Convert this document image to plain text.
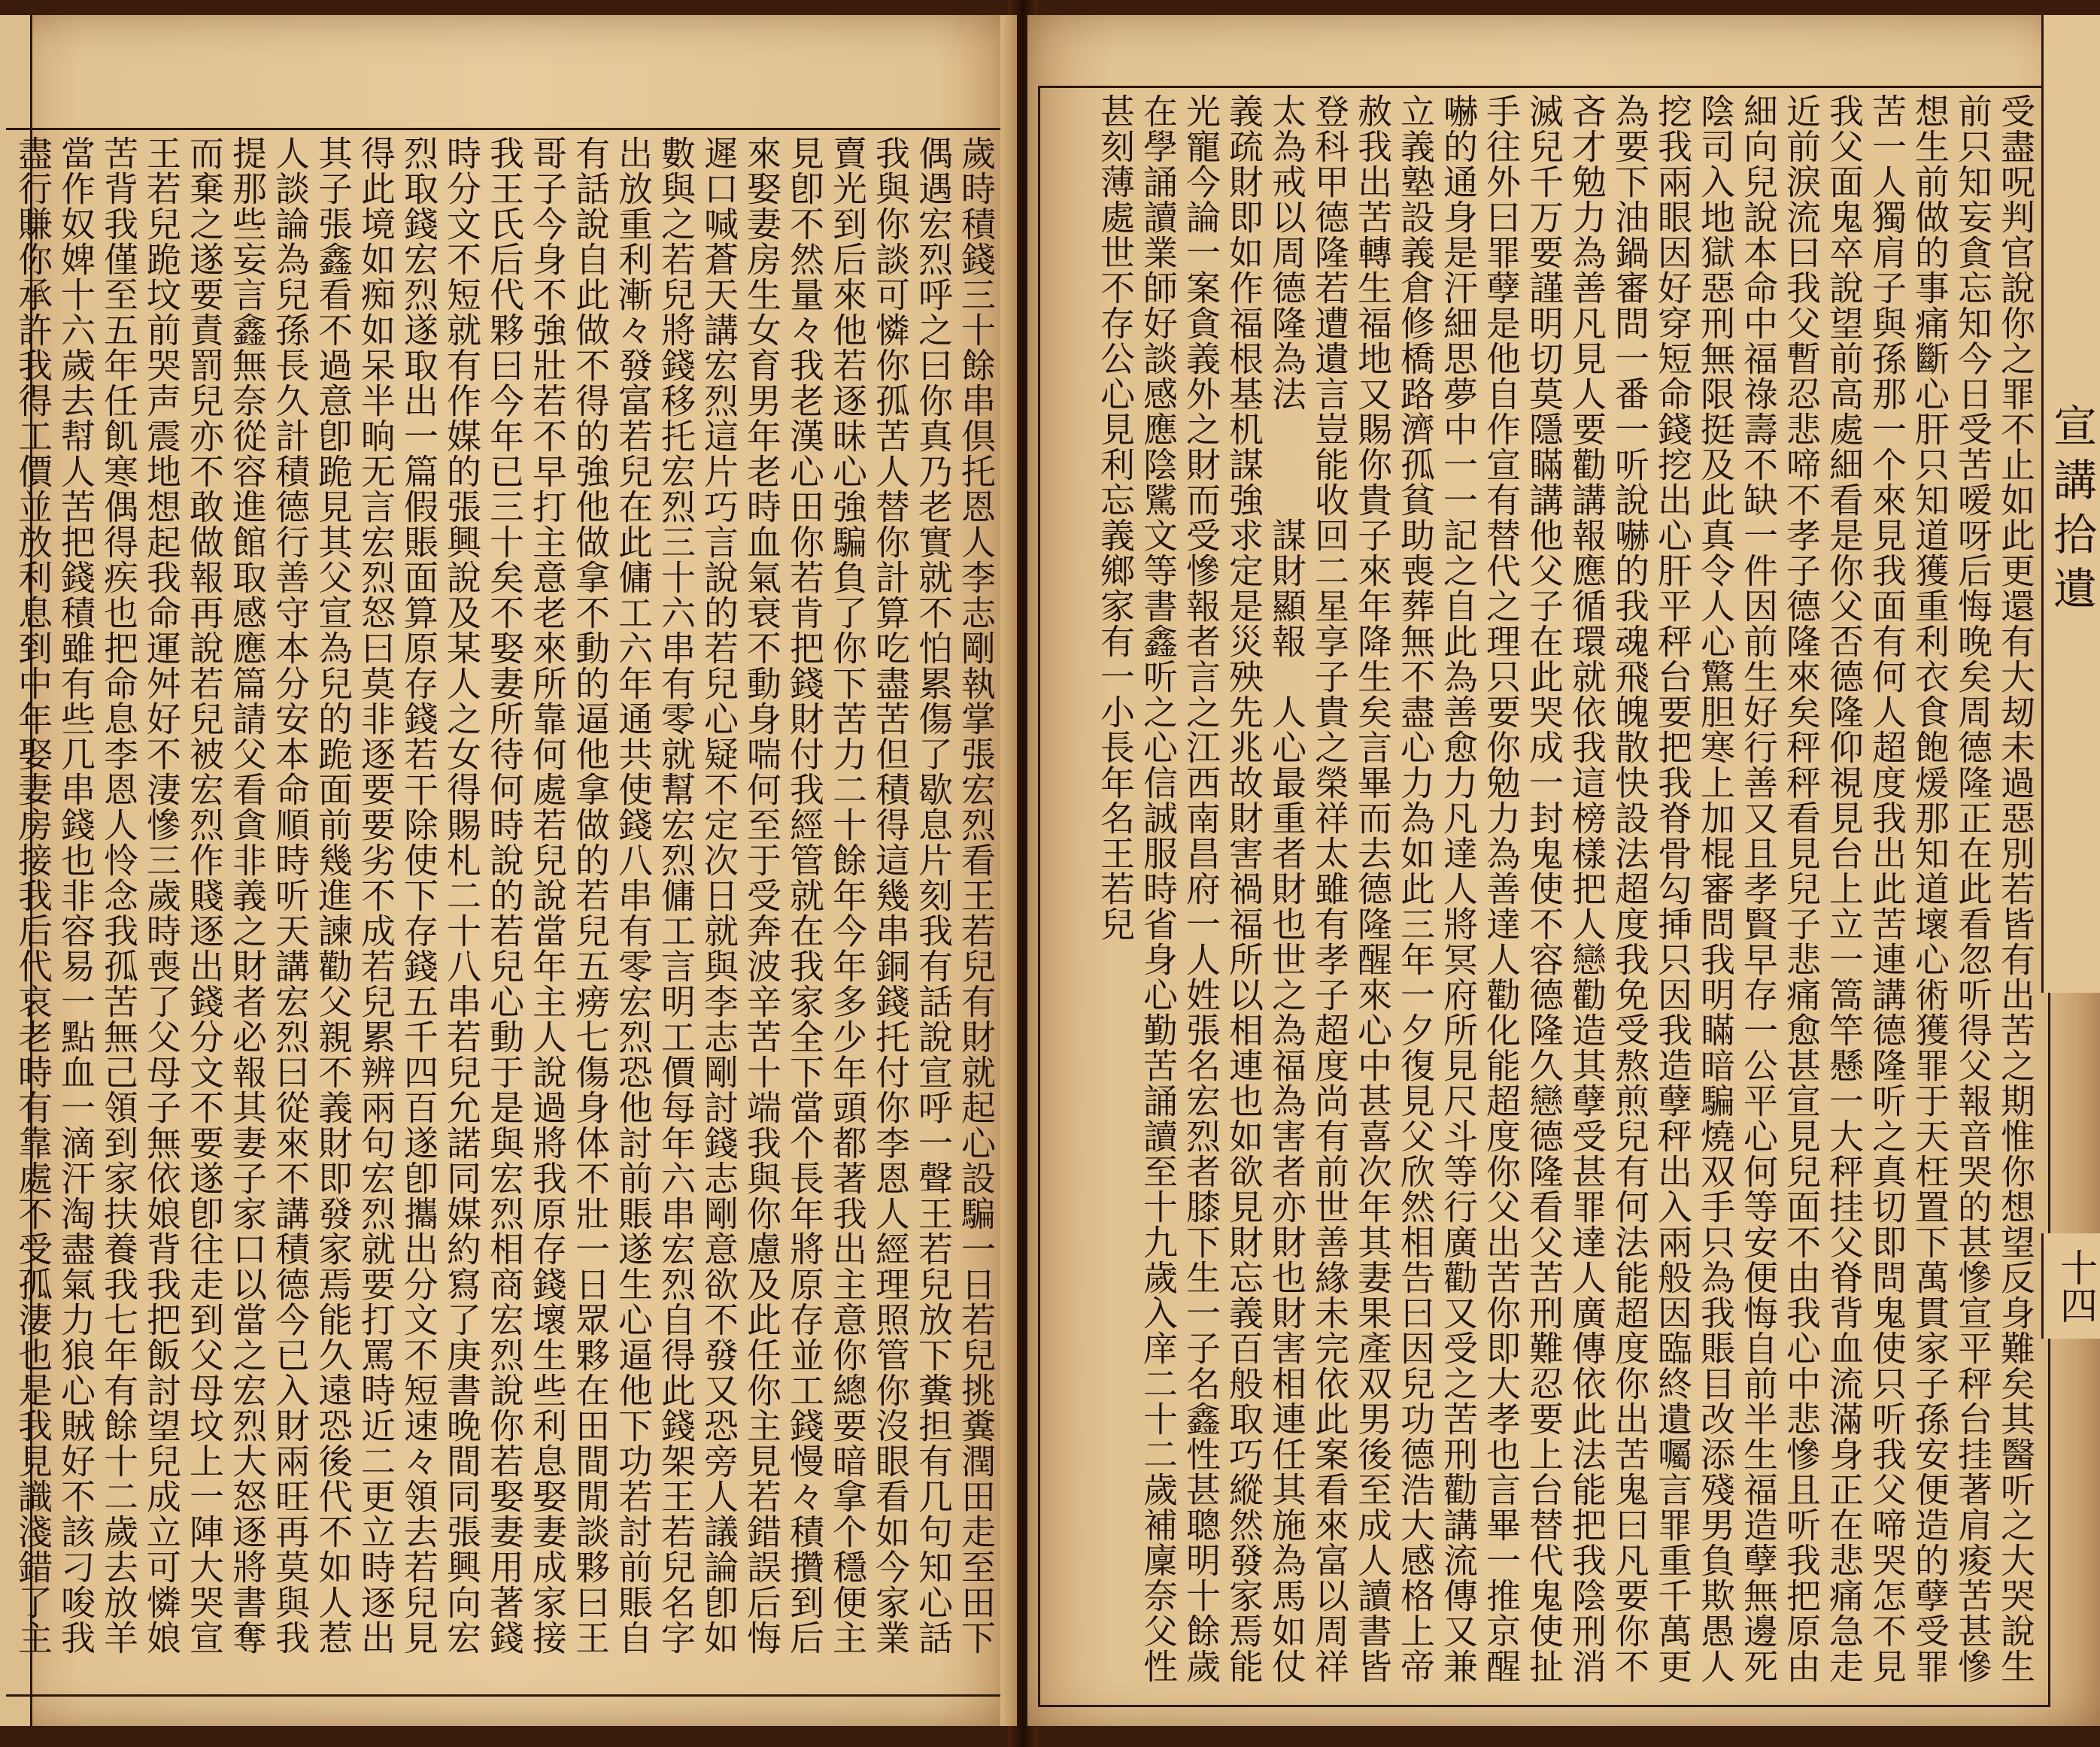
歲時積錢三十餘串倶托恩人李志剛執掌張宏烈看王若兒有財就起心設騙一日若兒挑糞潤田走至田下偶遇宏烈呼之曰你真乃老實就不怕累傷了歇息片刻我有話說宣呼一聲王若兒放下糞担有几句知心話我與你談可憐你孤苦人替你計算吃盡苦但積得這幾串銅錢托付你李恩人經理照管你沒眼看如今家業賣光到后來他若逐昧心強騙負了你下苦力二十餘年今年多少年頭都著我出主意你總要暗拿个穩便主見卽不然量々我老漢心田你若肯把錢財付我經管就在我家全下當个長年將原存並工錢慢々積攢到后來娶妻房生女育男年老時血氣衰不動身喘何至于受奔波辛苦十端我與你慮及此任你主見若錯誤后悔遲口喊蒼天講宏烈這片巧言說的若兒心疑不定次日就與李志剛討錢志剛意欲不發又恐旁人議論卽如數與之若兒將錢移托宏烈三十六串有零就幫宏烈傭工言明工價每年六串宏烈自得此錢架王若兒名字出放重利漸々發富若兒在此傭工六年通共使錢八串有零宏烈恐他討前賬遂生心逼他下功若討前賬自有話說自此做不得的強他做拿不動的逼他拿做的若兒五痨七傷身体不壯一日眾夥在田間閒談夥曰王哥子今身不強壯若不早打主意老來所靠何處若兒說當年主人說過將我原存錢壞生些利息娶妻成家接我王氏后代夥曰今年已三十矣不娶妻所待何時說的若兒心動于是與宏烈相商宏烈說你若娶妻用著錢時分文不短就有作媒的張興說及某人之女得賜札二十八串若兒允諾同媒約寫了庚書晚間同張興向宏烈取錢宏烈遂取出一篇假賬面算原存錢若干除使下存錢五千四百遂卽攜出分文不短速々領去若兒見得此境如痴如呆半晌无言宏烈怒曰莫非逐要要劣不成若兒累辨兩句宏烈就要打罵時近二更立時逐出其子張鑫看不過意卽跪見其父宣為兒的跪面前幾進諫勸父親不義財即發家焉能久遠恐後代不如人惹人談論為兒孫長久計積德行善守本分安本命順時听天講宏烈曰從來不講積德今已入財兩旺再莫與我提那些妄言鑫無奈從容進館取感應篇請父看貪非義之財者必報其妻子家口以當之宏烈大怒逐將書奪而棄之遂要責罰兒亦不敢做報再說若兒被宏烈作賤逐出錢分文不要遂卽往走到父母坟上一陣大哭宣王若兒跪坟前哭声震地想起我命運舛好不淒慘三歲時喪了父母子無依娘背我把飯討望兒成立可憐娘苦背我僅至五年任飢寒偶得疾也把命息李恩人怜念我孤苦無己領到家扶養我七年有餘十二歲去放羊當作奴婢十六歲去幇人苦把錢積雖有些几串錢也非容易一點血一滴汗淘盡氣力狼心賊好不該刁唆我盡行賺你承許我得工價並放利息到中年娶妻房接我后代哀老時有靠處不受孤淒也是我見識淺錯了主	受盡呪判官說你之罪不止如此更還有大刼未過惡別若皆有出苦之期惟你想望反身難矣其醫听之大哭說生前只知妄貪忘知今日受苦嗳呀后悔晚矣周德隆正在此看忽听得父報音哭的甚慘宣平秤台挂著肩痠苦甚慘想生前做的事痛斷心肝只知道獲重利衣食飽煖那知道壞心術獲罪于天枉置下萬貫家子孫安便造的孽受罪苦一人獨肩子與孫那一个來見我面有何人超度我出此苦連講德隆听之真切即問鬼使只听我父啼哭怎不見我父面鬼卒說望前高處細看是你父否德隆仰視見台上立一篙竿懸一大秤挂父脊背血流滿身正在悲痛急走近前淚流曰我父暫忍悲啼不孝子德隆來矣秤秤看見兒子悲痛愈甚宣見兒面不由我心中悲慘且听我把原由細向兒說本命中福祿壽不缺一件因前生好行善又且孝賢早存一公平心何等安便悔自前半生福造孽無邊死陰司入地獄惡刑無限挺及此真令人心驚胆寒上加棍審問我明瞞暗騙燒双手只為我賬目改添殘男負欺愚人挖我兩眼因好穿短命錢挖出心肝平秤台要把我脊骨勾挿只因我造孽秤出入兩般因臨終遺囑言罪重千萬更為要下油鍋審問一番一听說嚇的我魂飛魄散快設法超度我免受熬煎兒有何法能超度你出苦鬼曰凡要你不吝才勉力為善凡見人要勸講報應循環就依我這榜樣把人戀勸造其孽受甚罪達人廣傳依此法能把我陰刑消滅兒千万要謹明切莫隱瞞講他父子在此哭成一封鬼使不容德隆久戀德隆看父苦刑難忍要上台替代鬼使扯手往外曰罪孽是他自作宣有替代之理只要你勉力為善達人勸化能超度你父出苦你即大孝也言畢一推京醒嚇的通身是汗細思夢中一一記之自此為善愈力凡達人將冥府所見尺斗等行廣勸又受之苦刑勸講流傳又兼立義塾設義倉修橋路濟孤貧助喪葬無不盡心力為如此三年一夕復見父欣然相告曰因兒功德浩大感格上帝赦我出苦轉生福地又賜你貴子來年降生矣言畢而去德隆醒來心中甚喜次年其妻果產双男後至成人讀書皆登科甲德隆若遭遺言豈能收回二星享子貴之榮祥太雖有孝子超度尚有前世善緣未完依此案看來富以周祥太為戒以周德隆為法　　　謀財顯報　人心最重者財也世之為福為害者亦財也財害相連任其施為馬如仗義疏財即如作福根基机謀強求定是災殃先兆故財害禍福所以相連也如欲見財忘義百般取巧縱然發家焉能光寵今論一案貪義外之財而受慘報者言之江西南昌府一人姓張名宏烈者膝下生一子名鑫性甚聰明十餘歲在學誦讀業師好談感應陰騭文等書鑫听之心信誠服時省身心勤苦誦讀至十九歲入庠二十二歲補廩奈父性甚刻薄處世不存公心見利忘義鄉家有一小長年名王若兒	宣講拾遺
十四
